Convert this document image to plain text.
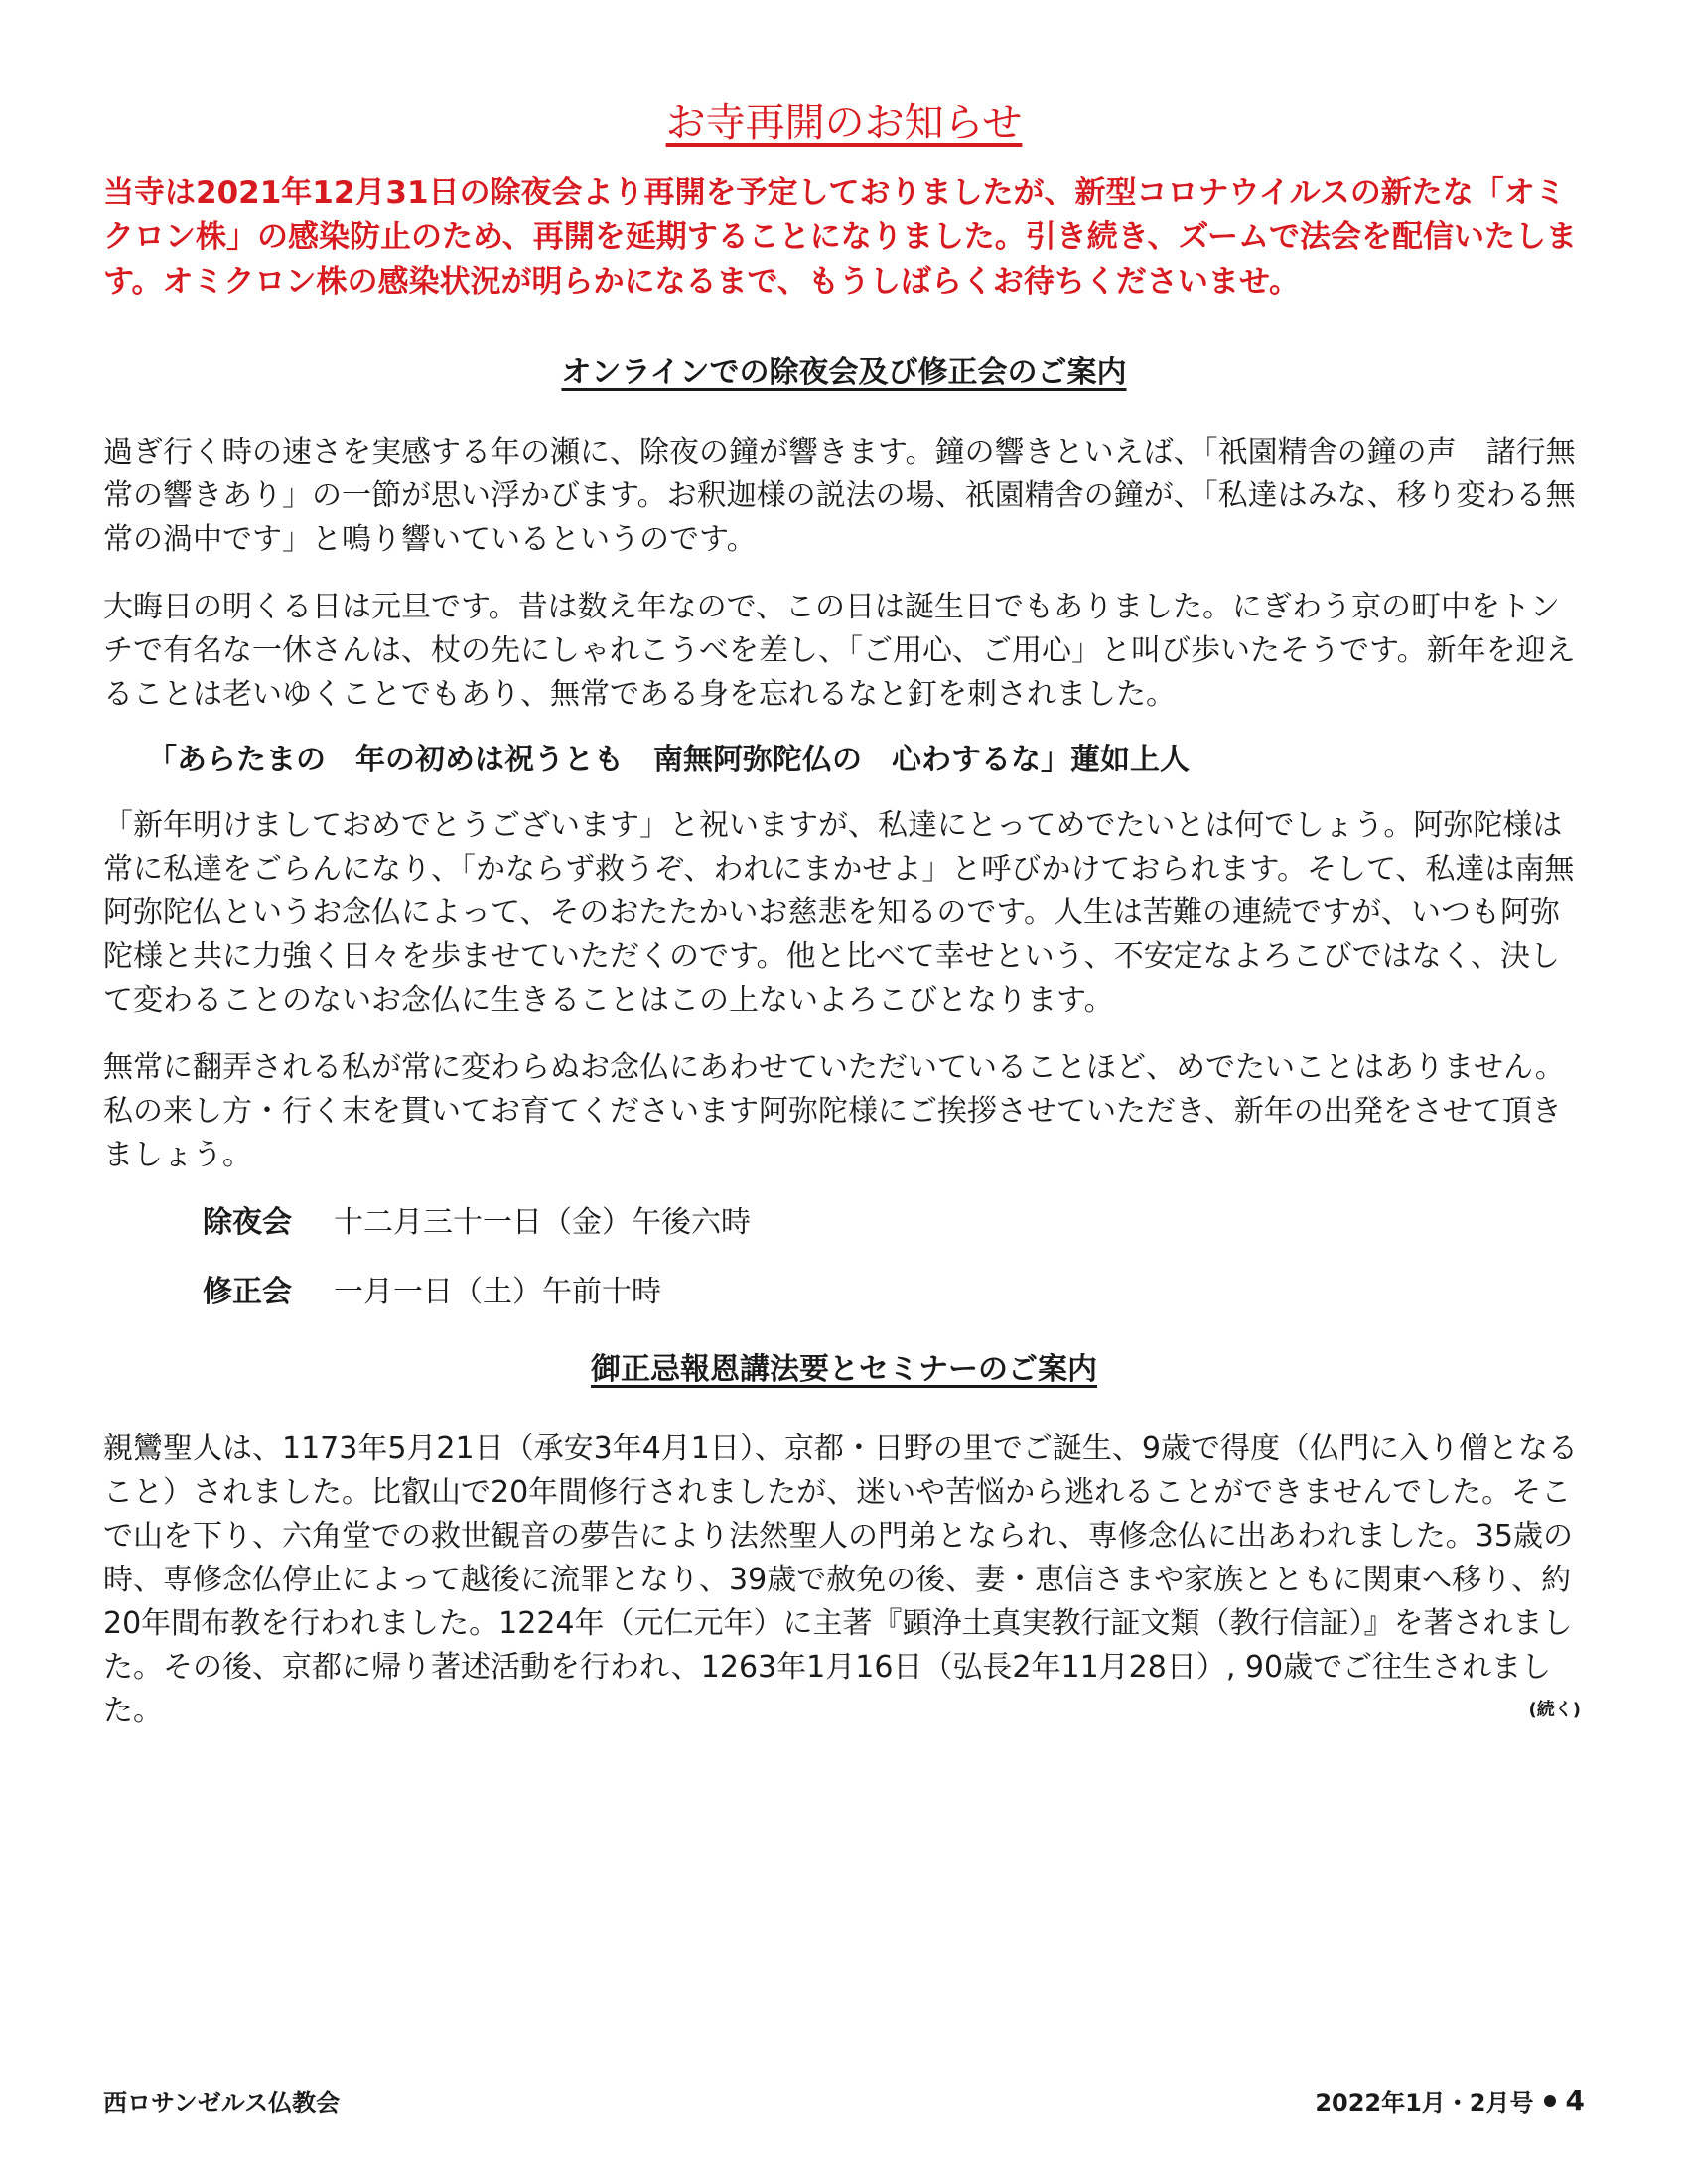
お寺再開のお知らせ

当寺は2021年12月31日の除夜会より再開を予定しておりましたが、新型コロナウイルスの新たな「オミクロン株」の感染防止のため、再開を延期することになりました。引き続き、ズームで法会を配信いたします。オミクロン株の感染状況が明らかになるまで、もうしばらくお待ちくださいませ。

オンラインでの除夜会及び修正会のご案内

過ぎ行く時の速さを実感する年の瀬に、除夜の鐘が響きます。鐘の響きといえば、「祇園精舎の鐘の声　諸行無常の響きあり」の一節が思い浮かびます。お釈迦様の説法の場、祇園精舎の鐘が、「私達はみな、移り変わる無常の渦中です」と鳴り響いているというのです。

大晦日の明くる日は元旦です。昔は数え年なので、この日は誕生日でもありました。にぎわう京の町中をトンチで有名な一休さんは、杖の先にしゃれこうべを差し、「ご用心、ご用心」と叫び歩いたそうです。新年を迎えることは老いゆくことでもあり、無常である身を忘れるなと釘を刺されました。

「あらたまの　年の初めは祝うとも　南無阿弥陀仏の　心わするな」蓮如上人

「新年明けましておめでとうございます」と祝いますが、私達にとってめでたいとは何でしょう。阿弥陀様は常に私達をごらんになり、「かならず救うぞ、われにまかせよ」と呼びかけておられます。そして、私達は南無阿弥陀仏というお念仏によって、そのおたたかいお慈悲を知るのです。人生は苦難の連続ですが、いつも阿弥陀様と共に力強く日々を歩ませていただくのです。他と比べて幸せという、不安定なよろこびではなく、決して変わることのないお念仏に生きることはこの上ないよろこびとなります。

無常に翻弄される私が常に変わらぬお念仏にあわせていただいていることほど、めでたいことはありません。私の来し方・行く末を貫いてお育てくださいます阿弥陀様にご挨拶させていただき、新年の出発をさせて頂きましょう。

除夜会 十二月三十一日（金）午後六時
修正会 一月一日（土）午前十時
御正忌報恩講法要とセミナーのご案内

親鸞聖人は、1173年5月21日（承安3年4月1日）、京都・日野の里でご誕生、9歳で得度（仏門に入り僧となること）されました。比叡山で20年間修行されましたが、迷いや苦悩から逃れることができませんでした。そこで山を下り、六角堂での救世観音の夢告により法然聖人の門弟となられ、専修念仏に出あわれました。35歳の時、専修念仏停止によって越後に流罪となり、39歳で赦免の後、妻・恵信さまや家族とともに関東へ移り、約20年間布教を行われました。1224年（元仁元年）に主著『顕浄土真実教行証文類（教行信証）』を著されました。その後、京都に帰り著述活動を行われ、1263年1月16日（弘長2年11月28日）, 90歳でご往生されました。	(続く)
西ロサンゼルス仏教会	2022年1月・2月号 4
